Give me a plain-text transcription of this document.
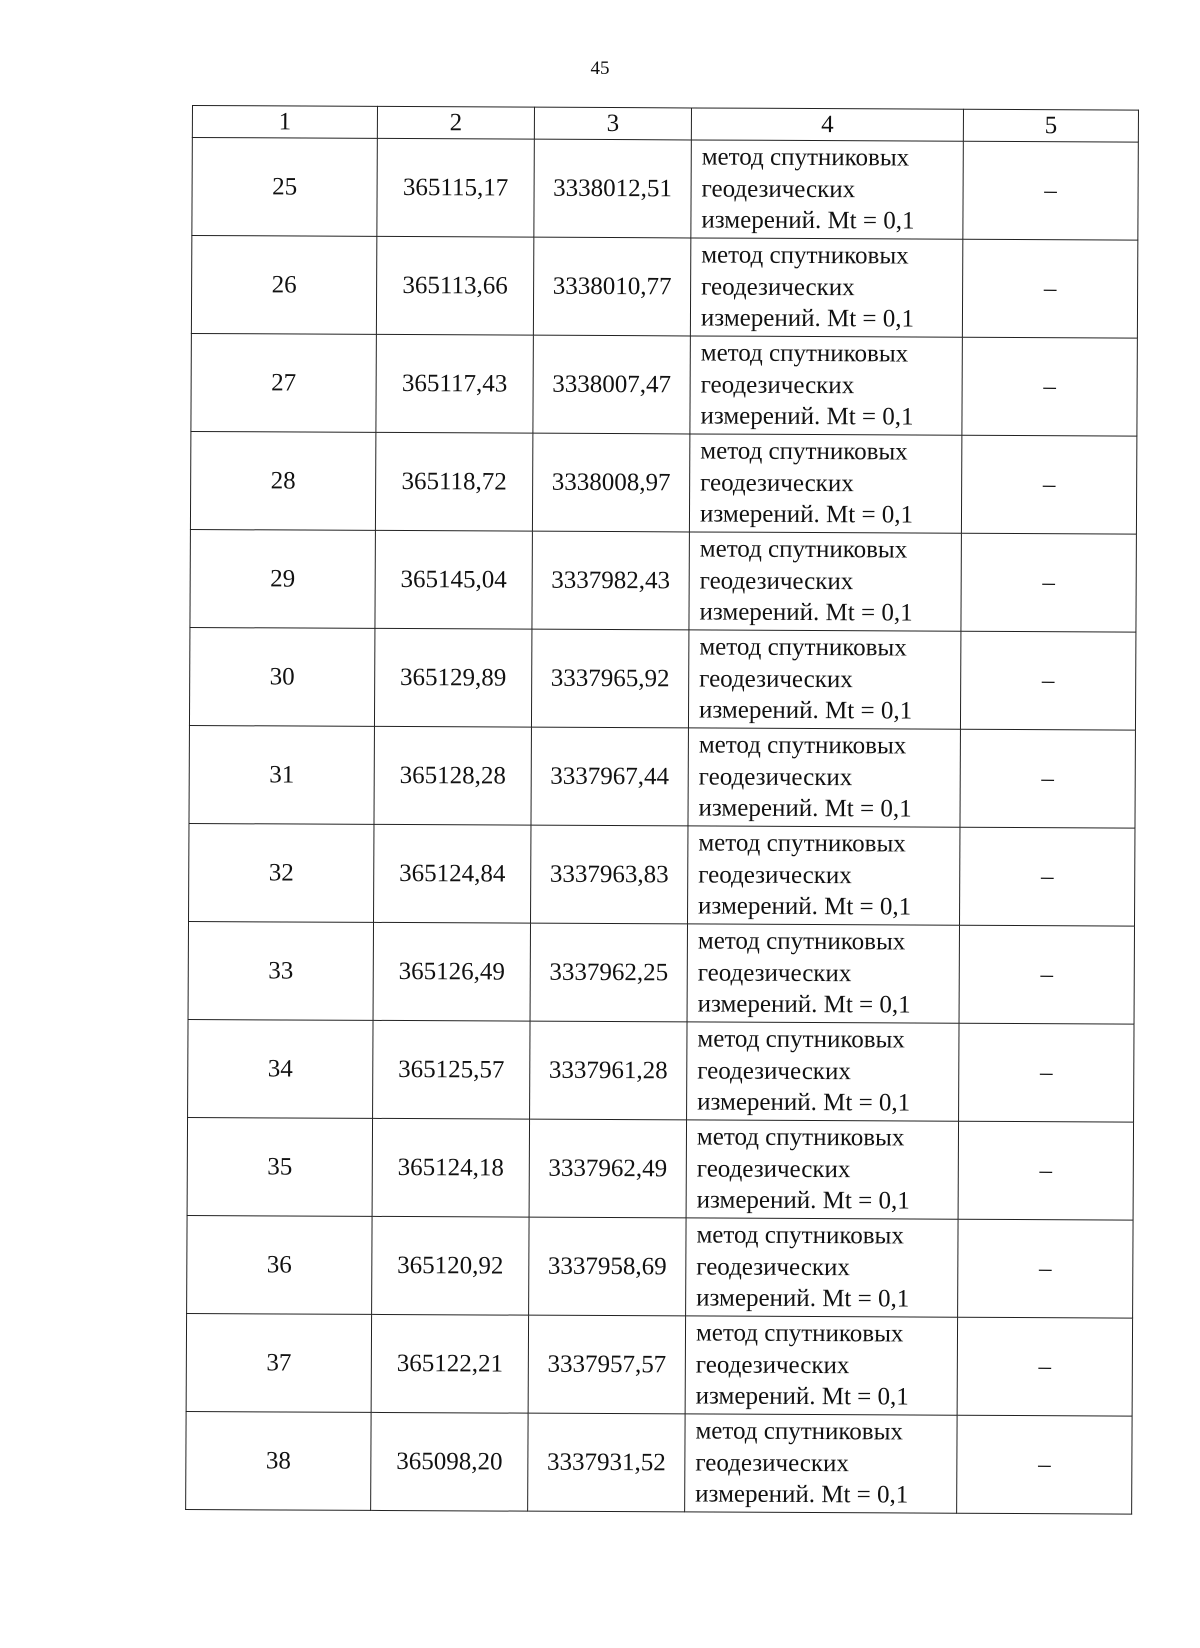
45
1	2	3	4	5
25	365115,17	3338012,51	метод спутниковых
геодезических
измерений. Mt = 0,1	–
26	365113,66	3338010,77	метод спутниковых
геодезических
измерений. Mt = 0,1	–
27	365117,43	3338007,47	метод спутниковых
геодезических
измерений. Mt = 0,1	–
28	365118,72	3338008,97	метод спутниковых
геодезических
измерений. Mt = 0,1	–
29	365145,04	3337982,43	метод спутниковых
геодезических
измерений. Mt = 0,1	–
30	365129,89	3337965,92	метод спутниковых
геодезических
измерений. Mt = 0,1	–
31	365128,28	3337967,44	метод спутниковых
геодезических
измерений. Mt = 0,1	–
32	365124,84	3337963,83	метод спутниковых
геодезических
измерений. Mt = 0,1	–
33	365126,49	3337962,25	метод спутниковых
геодезических
измерений. Mt = 0,1	–
34	365125,57	3337961,28	метод спутниковых
геодезических
измерений. Mt = 0,1	–
35	365124,18	3337962,49	метод спутниковых
геодезических
измерений. Mt = 0,1	–
36	365120,92	3337958,69	метод спутниковых
геодезических
измерений. Mt = 0,1	–
37	365122,21	3337957,57	метод спутниковых
геодезических
измерений. Mt = 0,1	–
38	365098,20	3337931,52	метод спутниковых
геодезических
измерений. Mt = 0,1	–
